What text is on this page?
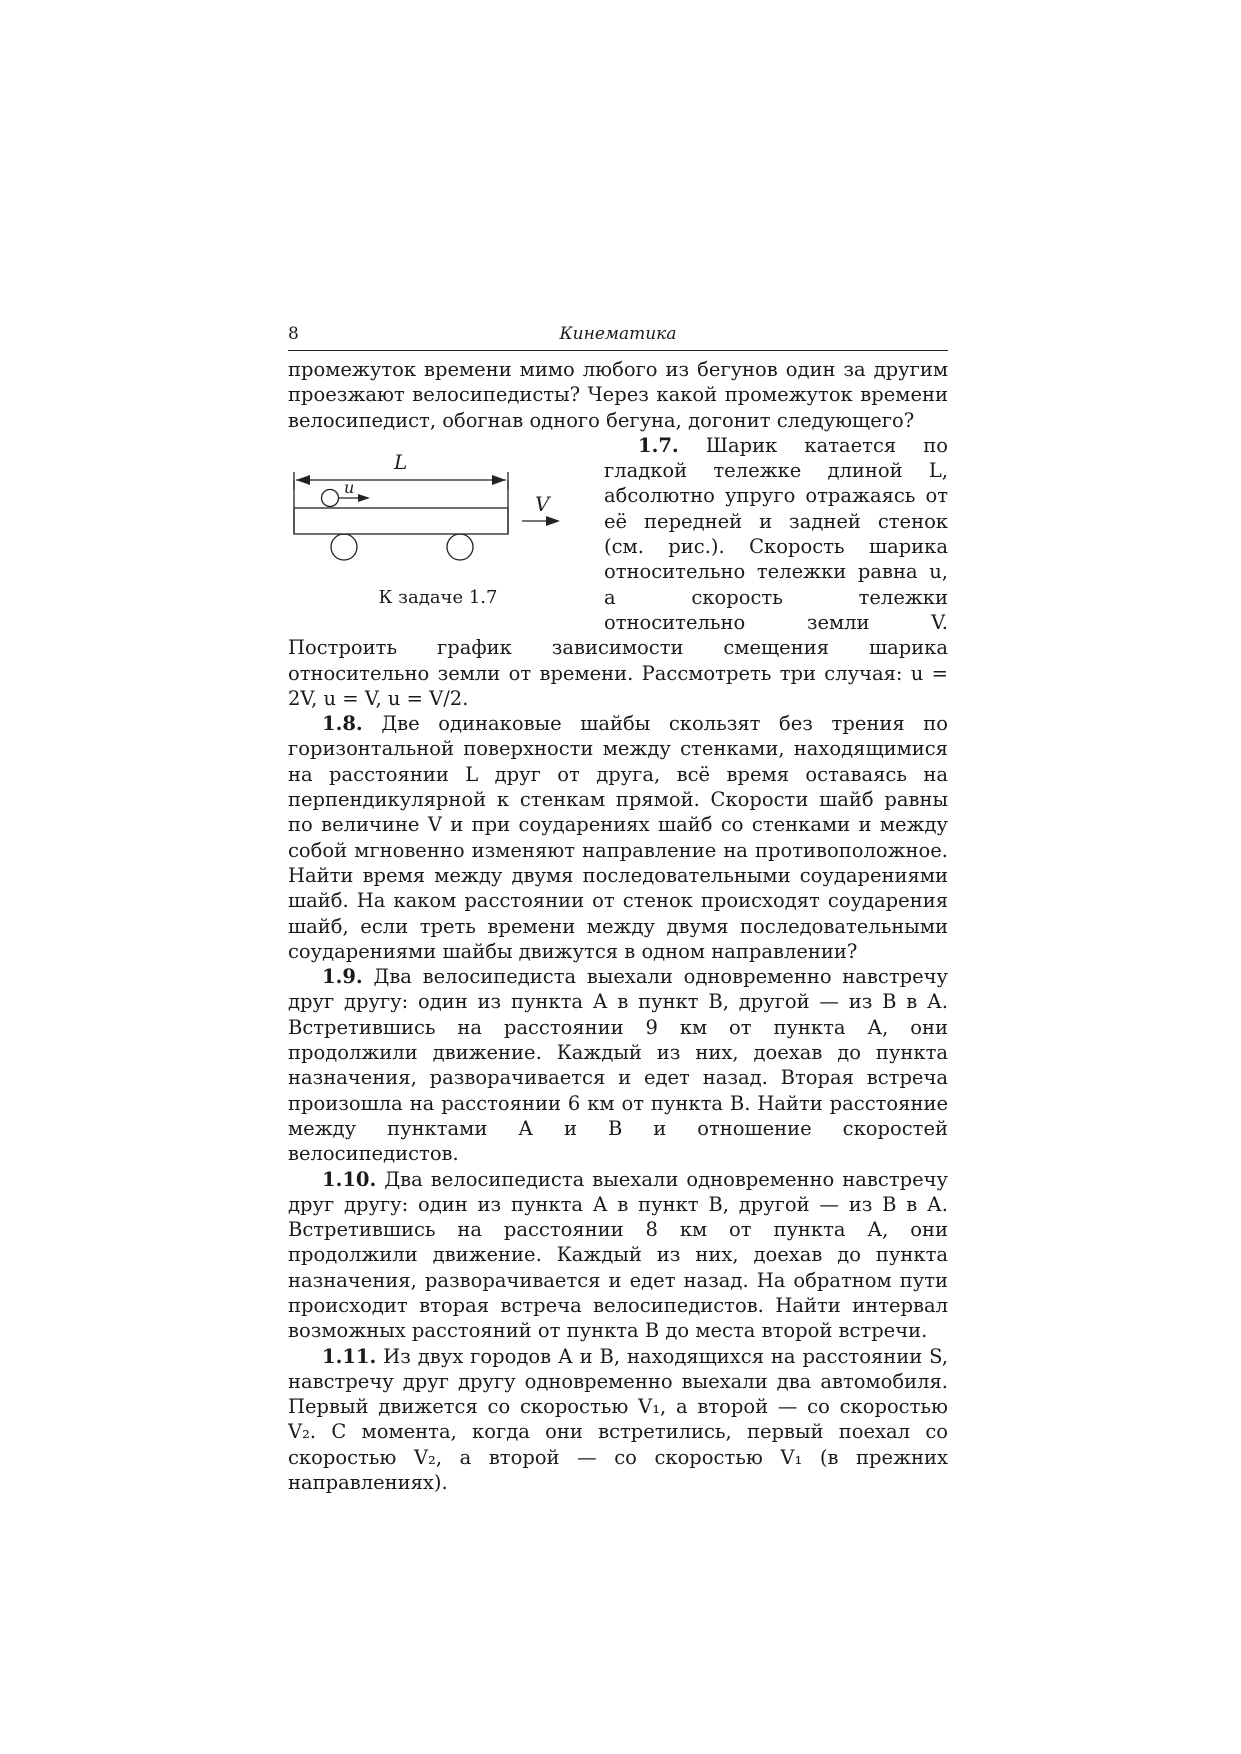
8	Кинематика

промежуток времени мимо любого из бегунов один за другим проезжают велосипедисты? Через какой промежуток времени велосипедист, обогнав одного бегуна, догонит следующего?

L
u
V
К задаче 1.7

1.7. Шарик катается по гладкой тележке длиной L, абсолютно упруго отражаясь от её передней и задней стенок (см. рис.). Скорость шарика относительно тележки равна u, а скорость тележки относительно земли V. Построить график зависимости смещения шарика относительно земли от времени. Рассмотреть три случая: u = 2V, u = V, u = V/2.

1.8. Две одинаковые шайбы скользят без трения по горизонтальной поверхности между стенками, находящимися на расстоянии L друг от друга, всё время оставаясь на перпендикулярной к стенкам прямой. Скорости шайб равны по величине V и при соударениях шайб со стенками и между собой мгновенно изменяют направление на противоположное. Найти время между двумя последовательными соударениями шайб. На каком расстоянии от стенок происходят соударения шайб, если треть времени между двумя последовательными соударениями шайбы движутся в одном направлении?

1.9. Два велосипедиста выехали одновременно навстречу друг другу: один из пункта А в пункт В, другой — из В в А. Встретившись на расстоянии 9 км от пункта А, они продолжили движение. Каждый из них, доехав до пункта назначения, разворачивается и едет назад. Вторая встреча произошла на расстоянии 6 км от пункта В. Найти расстояние между пунктами А и В и отношение скоростей велосипедистов.

1.10. Два велосипедиста выехали одновременно навстречу друг другу: один из пункта А в пункт В, другой — из В в А. Встретившись на расстоянии 8 км от пункта А, они продолжили движение. Каждый из них, доехав до пункта назначения, разворачивается и едет назад. На обратном пути происходит вторая встреча велосипедистов. Найти интервал возможных расстояний от пункта В до места второй встречи.

1.11. Из двух городов А и В, находящихся на расстоянии S, навстречу друг другу одновременно выехали два автомобиля. Первый движется со скоростью V₁, а второй — со скоростью V₂. С момента, когда они встретились, первый поехал со скоростью V₂, а второй — со скоростью V₁ (в прежних направлениях).
